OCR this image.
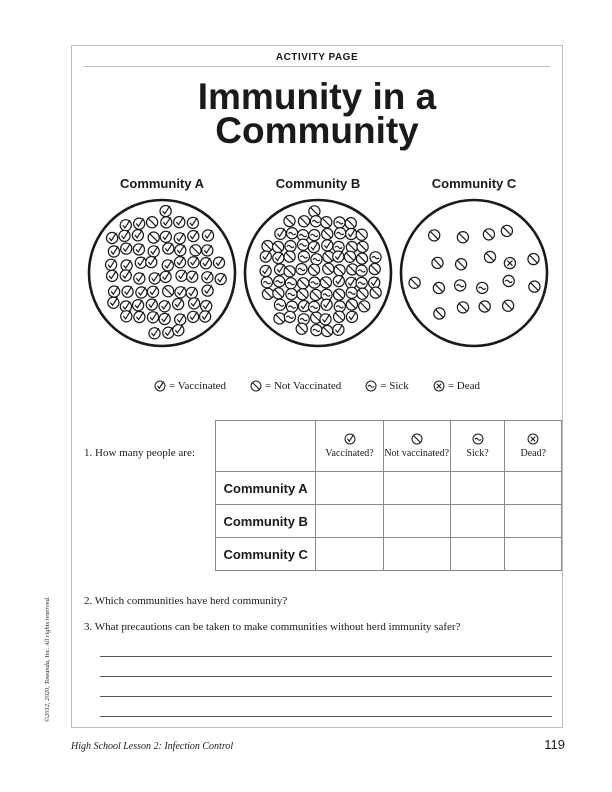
ACTIVITY PAGE
Immunity in a
Community
Community A	Community B	Community C
= Vaccinated	= Not Vaccinated	= Sick	= Dead
1. How many people are:
		Vaccinated?	Not vaccinated?	Sick?	Dead?
Community A				
Community B				
Community C				
2. Which communities have herd community?
3. What precautions can be taken to make communities without herd immunity safer?
©2012, 2020, Towanda, Inc. All rights reserved.
High School Lesson 2: Infection Control	119
